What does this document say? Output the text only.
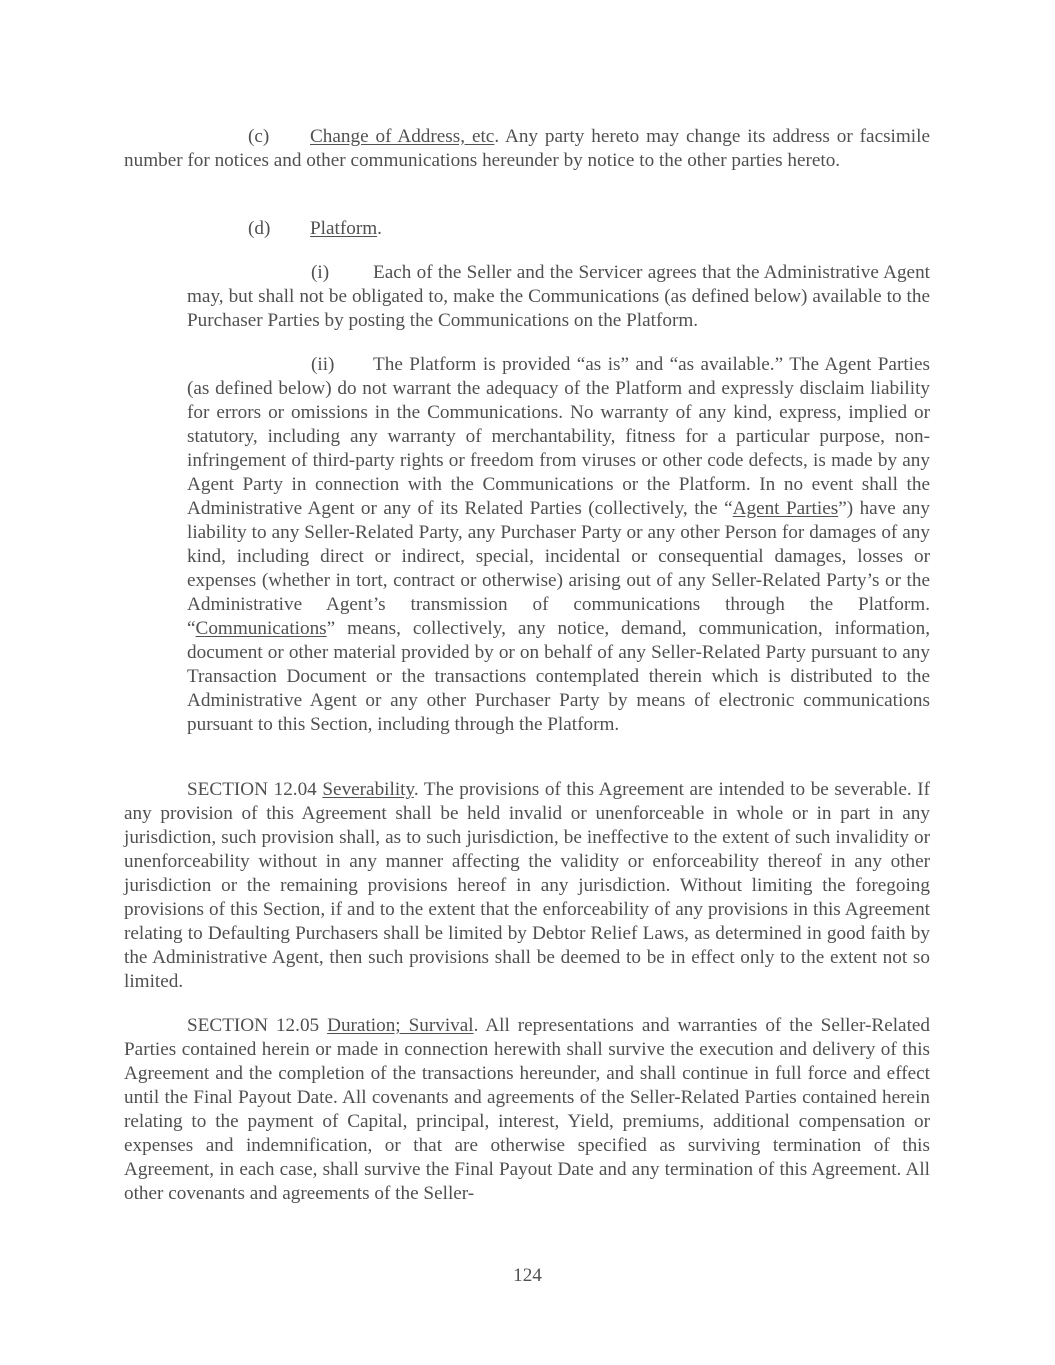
(c) Change of Address, etc. Any party hereto may change its address or facsimile number for notices and other communications hereunder by notice to the other parties hereto.

(d) Platform.

(i) Each of the Seller and the Servicer agrees that the Administrative Agent may, but shall not be obligated to, make the Communications (as defined below) available to the Purchaser Parties by posting the Communications on the Platform.

(ii) The Platform is provided “as is” and “as available.” The Agent Parties (as defined below) do not warrant the adequacy of the Platform and expressly disclaim liability for errors or omissions in the Communications. No warranty of any kind, express, implied or statutory, including any warranty of merchantability, fitness for a particular purpose, non-infringement of third-party rights or freedom from viruses or other code defects, is made by any Agent Party in connection with the Communications or the Platform. In no event shall the Administrative Agent or any of its Related Parties (collectively, the “Agent Parties”) have any liability to any Seller-Related Party, any Purchaser Party or any other Person for damages of any kind, including direct or indirect, special, incidental or consequential damages, losses or expenses (whether in tort, contract or otherwise) arising out of any Seller-Related Party’s or the Administrative Agent’s transmission of communications through the Platform. “Communications” means, collectively, any notice, demand, communication, information, document or other material provided by or on behalf of any Seller-Related Party pursuant to any Transaction Document or the transactions contemplated therein which is distributed to the Administrative Agent or any other Purchaser Party by means of electronic communications pursuant to this Section, including through the Platform.

SECTION 12.04 Severability. The provisions of this Agreement are intended to be severable. If any provision of this Agreement shall be held invalid or unenforceable in whole or in part in any jurisdiction, such provision shall, as to such jurisdiction, be ineffective to the extent of such invalidity or unenforceability without in any manner affecting the validity or enforceability thereof in any other jurisdiction or the remaining provisions hereof in any jurisdiction. Without limiting the foregoing provisions of this Section, if and to the extent that the enforceability of any provisions in this Agreement relating to Defaulting Purchasers shall be limited by Debtor Relief Laws, as determined in good faith by the Administrative Agent, then such provisions shall be deemed to be in effect only to the extent not so limited.

SECTION 12.05 Duration; Survival. All representations and warranties of the Seller-Related Parties contained herein or made in connection herewith shall survive the execution and delivery of this Agreement and the completion of the transactions hereunder, and shall continue in full force and effect until the Final Payout Date. All covenants and agreements of the Seller-Related Parties contained herein relating to the payment of Capital, principal, interest, Yield, premiums, additional compensation or expenses and indemnification, or that are otherwise specified as surviving termination of this Agreement, in each case, shall survive the Final Payout Date and any termination of this Agreement. All other covenants and agreements of the Seller-

124
